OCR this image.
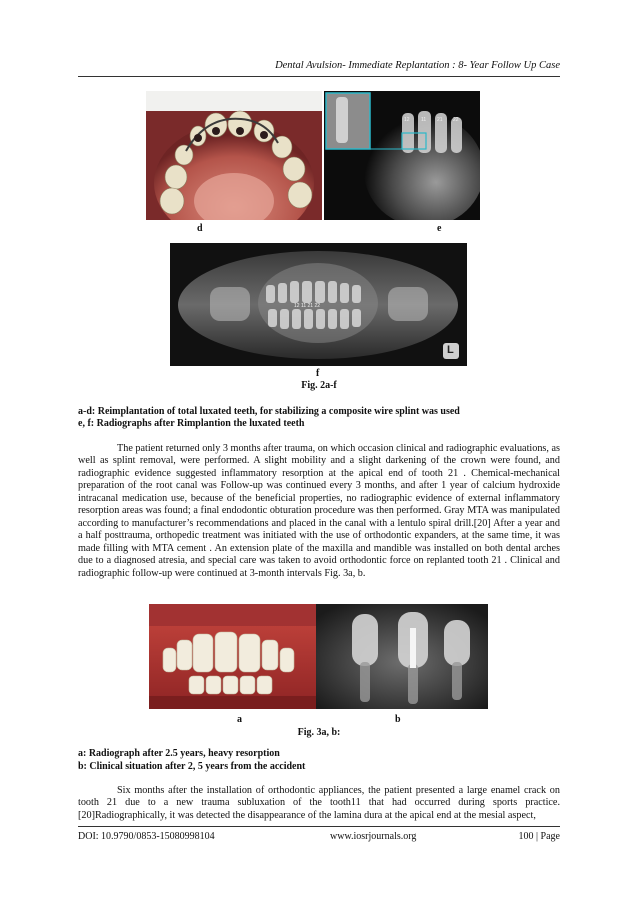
Dental Avulsion- Immediate Replantation : 8- Year Follow Up Case
12 11 21 22
d	e
12 11 21 22
L
f
Fig. 2a-f
a-d: Reimplantation of total luxated teeth, for stabilizing a composite wire splint was used
e, f: Radiographs after Rimplantion the luxated teeth

The patient returned only 3 months after trauma, on which occasion clinical and radiographic evaluations, as well as splint removal, were performed. A slight mobility and a slight darkening of the crown were found, and radiographic evidence suggested inflammatory resorption at the apical end of tooth 21 . Chemical-mechanical preparation of the root canal was Follow-up was continued every 3 months, and after 1 year of calcium hydroxide intracanal medication use, because of the beneficial properties, no radiographic evidence of external inflammatory resorption areas was found; a final endodontic obturation procedure was then performed. Gray MTA was manipulated according to manufacturer’s recommendations and placed in the canal with a lentulo spiral drill.[20] After a year and a half posttrauma, orthopedic treatment was initiated with the use of orthodontic expanders, at the same time, it was made filling with MTA cement . An extension plate of the maxilla and mandible was installed on both dental arches due to a diagnosed atresia, and special care was taken to avoid orthodontic force on replanted tooth 21 . Clinical and radiographic follow-up were continued at 3-month intervals Fig. 3a, b.

a	b
Fig. 3a, b:
a: Radiograph after 2.5 years, heavy resorption
b: Clinical situation after 2, 5 years from the accident

Six months after the installation of orthodontic appliances, the patient presented a large enamel crack on tooth 21 due to a new trauma subluxation of the tooth11 that had occurred during sports practice. [20]Radiographically, it was detected the disappearance of the lamina dura at the apical end at the mesial aspect,

DOI: 10.9790/0853-15080998104	www.iosrjournals.org	100 | Page
